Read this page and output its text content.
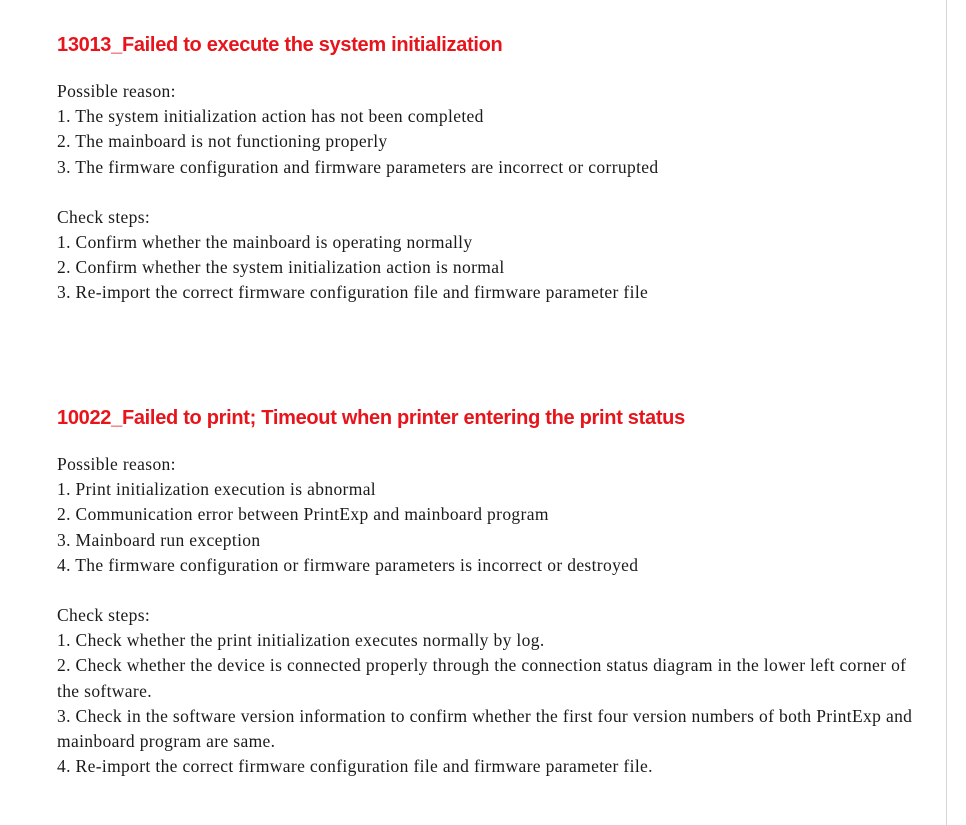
13013_Failed to execute the system initialization

Possible reason:

1. The system initialization action has not been completed
2. The mainboard is not functioning properly
3. The firmware configuration and firmware parameters are incorrect or corrupted

Check steps:

1. Confirm whether the mainboard is operating normally
2. Confirm whether the system initialization action is normal
3. Re-import the correct firmware configuration file and firmware parameter file
10022_Failed to print; Timeout when printer entering the print status

Possible reason:

1. Print initialization execution is abnormal
2. Communication error between PrintExp and mainboard program
3. Mainboard run exception
4. The firmware configuration or firmware parameters is incorrect or destroyed

Check steps:

1. Check whether the print initialization executes normally by log.
2. Check whether the device is connected properly through the connection status diagram in the lower left corner of the software.
3. Check in the software version information to confirm whether the first four version numbers of both PrintExp and mainboard program are same.
4. Re-import the correct firmware configuration file and firmware parameter file.
